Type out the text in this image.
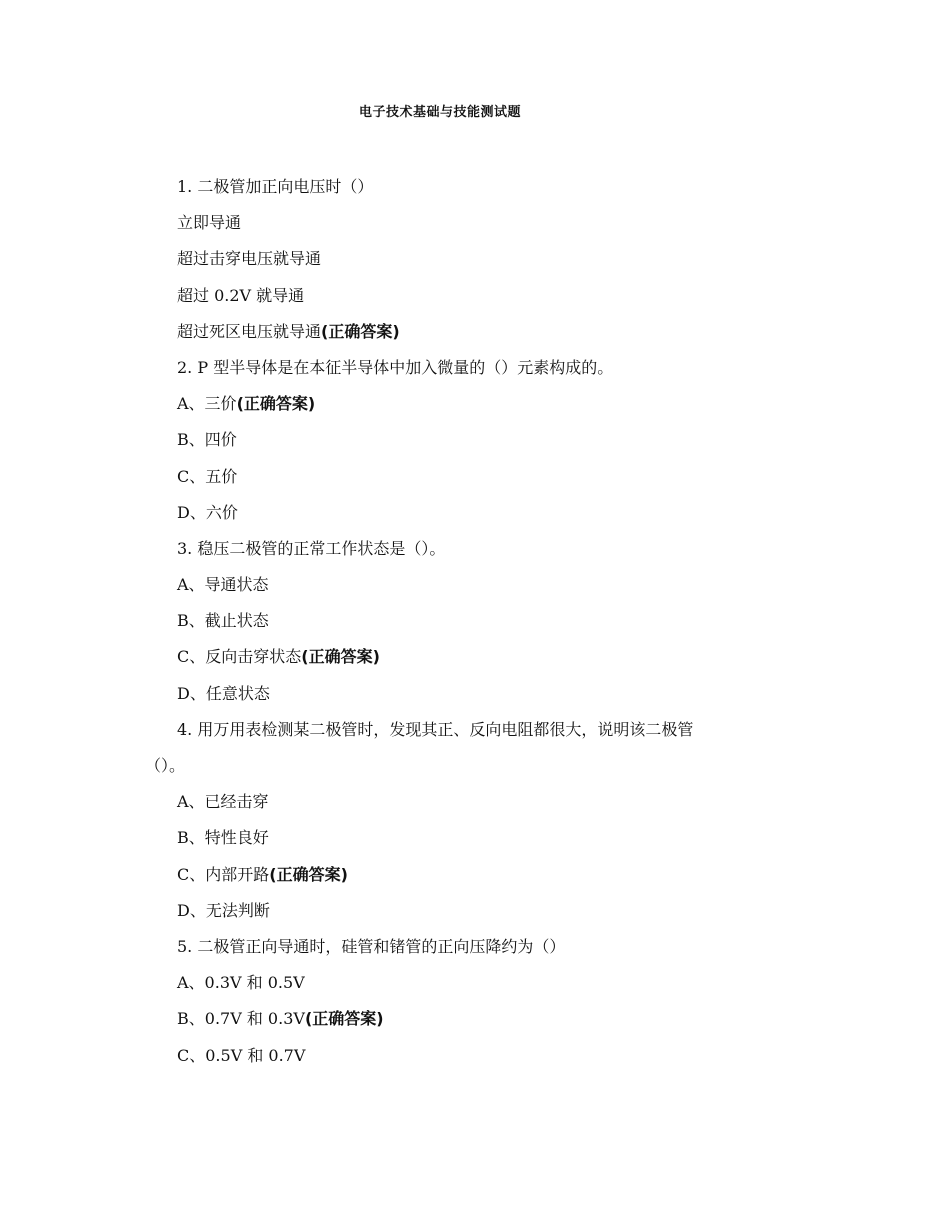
电子技术基础与技能测试题
1. 二极管加正向电压时（）
立即导通
超过击穿电压就导通
超过 0.2V 就导通
超过死区电压就导通(正确答案)
2. P 型半导体是在本征半导体中加入微量的（）元素构成的。
A、三价(正确答案)
B、四价
C、五价
D、六价
3. 稳压二极管的正常工作状态是（）。
A、导通状态
B、截止状态
C、反向击穿状态(正确答案)
D、任意状态
4. 用万用表检测某二极管时，发现其正、反向电阻都很大，说明该二极管
（）。
A、已经击穿
B、特性良好
C、内部开路(正确答案)
D、无法判断
5. 二极管正向导通时，硅管和锗管的正向压降约为（）
A、0.3V 和 0.5V
B、0.7V 和 0.3V(正确答案)
C、0.5V 和 0.7V
